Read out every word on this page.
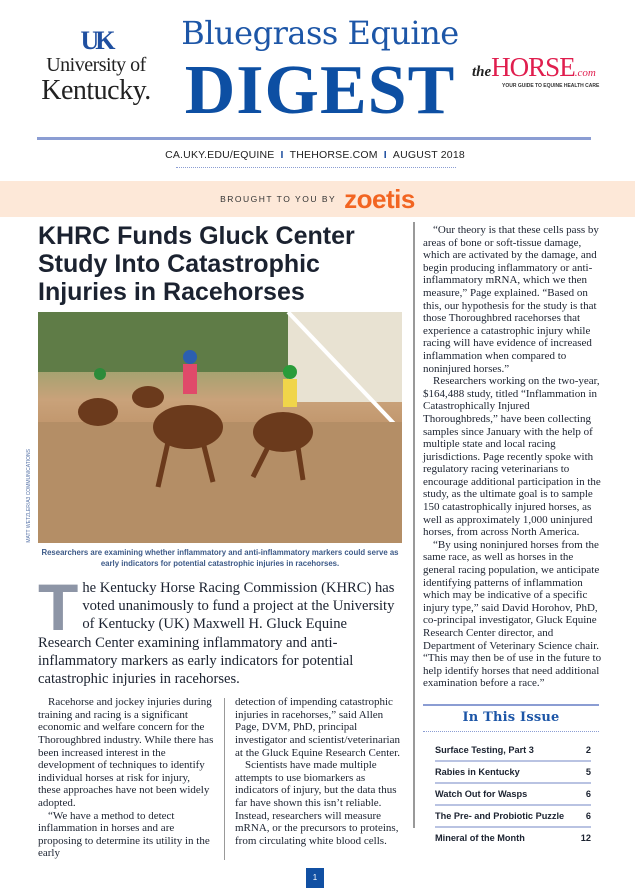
UK
University of
Kentucky.
Bluegrass Equine
DIGEST	theHORSE.com
YOUR GUIDE TO EQUINE HEALTH CARE
CA.UKY.EDU/EQUINE I THEHORSE.COM I AUGUST 2018
BROUGHT TO YOU BY zoetis
KHRC Funds Gluck Center Study Into Catastrophic Injuries in Racehorses

Researchers are examining whether inflammatory and anti-inflammatory markers could serve as early indicators for potential catastrophic injuries in racehorses.

The Kentucky Horse Racing Commission (KHRC) has voted unanimously to fund a project at the University of Kentucky (UK) Maxwell H. Gluck Equine Research Center examining inflammatory and anti-inflammatory markers as early indicators for potential catastrophic injuries in racehorses.

Racehorse and jockey injuries during training and racing is a significant economic and welfare concern for the Thoroughbred industry. While there has been increased interest in the development of techniques to identify individual horses at risk for injury, these approaches have not been widely adopted.

“We have a method to detect inflammation in horses and are proposing to determine its utility in the early

detection of impending catastrophic injuries in racehorses,” said Allen Page, DVM, PhD, principal investigator and scientist/veterinarian at the Gluck Equine Research Center.

Scientists have made multiple attempts to use biomarkers as indicators of injury, but the data thus far have shown this isn’t reliable. Instead, researchers will measure mRNA, or the precursors to proteins, from circulating white blood cells.

MATT WETZLER/A3 COMMUNICATIONS

“Our theory is that these cells pass by areas of bone or soft-tissue damage, which are activated by the damage, and begin producing inflammatory or anti-inflammatory mRNA, which we then measure,” Page explained. “Based on this, our hypothesis for the study is that those Thoroughbred racehorses that experience a catastrophic injury while racing will have evidence of increased inflammation when compared to noninjured horses.”

Researchers working on the two-year, $164,488 study, titled “Inflammation in Catastrophically Injured Thoroughbreds,” have been collecting samples since January with the help of multiple state and local racing jurisdictions. Page recently spoke with regulatory racing veterinarians to encourage additional participation in the study, as the ultimate goal is to sample 150 catastrophically injured horses, as well as approximately 1,000 uninjured horses, from across North America.

“By using noninjured horses from the same race, as well as horses in the general racing population, we anticipate identifying patterns of inflammation which may be indicative of a specific injury type,” said David Horohov, PhD, co-principal investigator, Gluck Equine Research Center director, and Department of Veterinary Science chair. “This may then be of use in the future to help identify horses that need additional examination before a race.”

In This Issue
Surface Testing, Part 3	2
Rabies in Kentucky	5
Watch Out for Wasps	6
The Pre- and Probiotic Puzzle 6
Mineral of the Month	12
1
